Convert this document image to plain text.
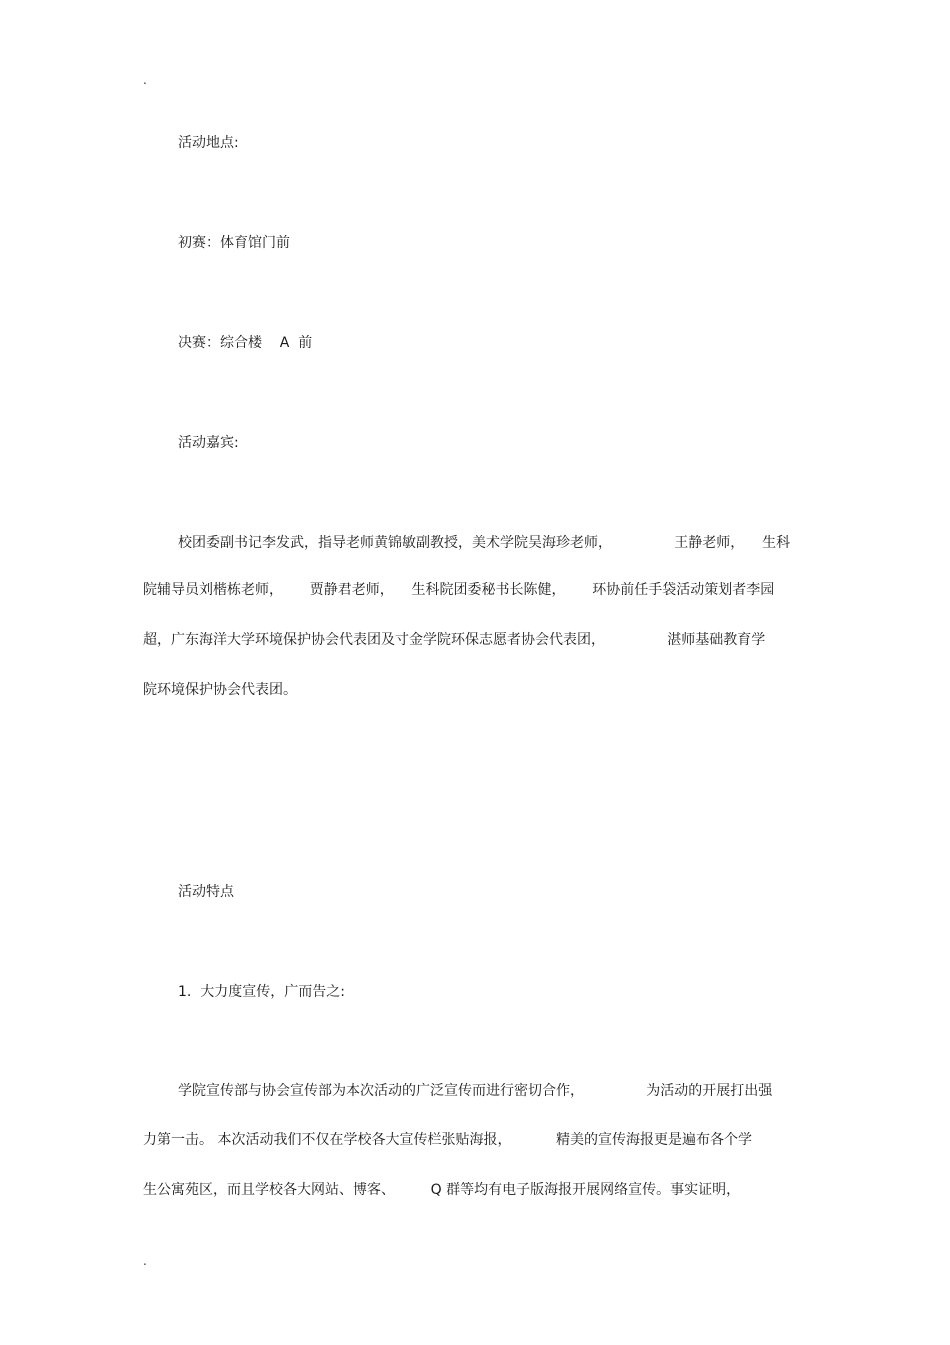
.
活动地点:
初赛：体育馆门前
决赛：综合楼    A  前
活动嘉宾:
校团委副书记李发武，指导老师黄锦敏副教授，美术学院吴海珍老师，              王静老师，    生科
院辅导员刘楷栋老师，      贾静君老师，    生科院团委秘书长陈健，      环协前任手袋活动策划者李园
超，广东海洋大学环境保护协会代表团及寸金学院环保志愿者协会代表团，              湛师基础教育学
院环境保护协会代表团。
活动特点
1.  大力度宣传，广而告之:
学院宣传部与协会宣传部为本次活动的广泛宣传而进行密切合作，              为活动的开展打出强
力第一击。 本次活动我们不仅在学校各大宣传栏张贴海报，          精美的宣传海报更是遍布各个学
生公寓苑区，而且学校各大网站、博客、        Q 群等均有电子版海报开展网络宣传。事实证明，
.
